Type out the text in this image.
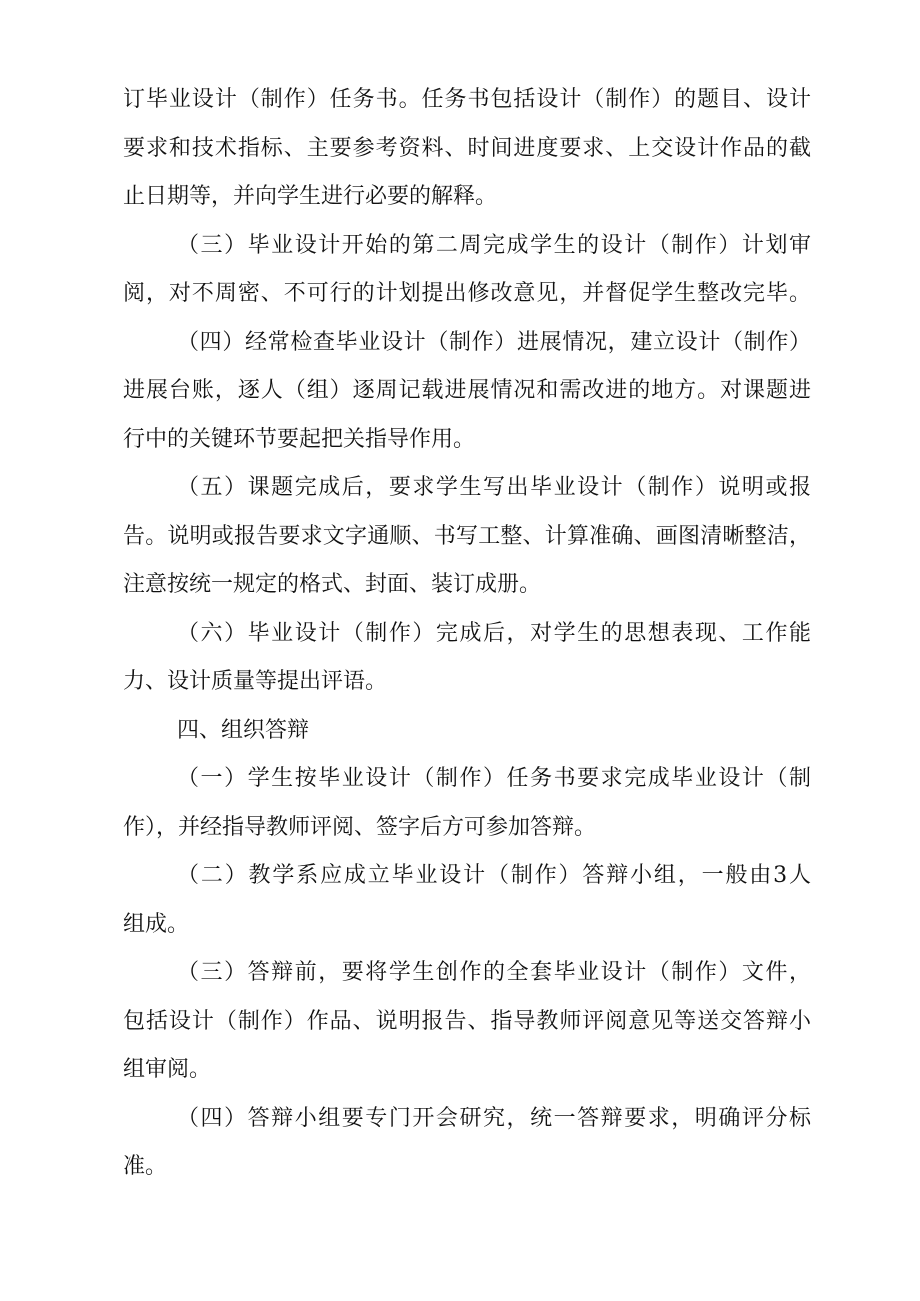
订毕业设计（制作）任务书。任务书包括设计（制作）的题目、设计
要求和技术指标、主要参考资料、时间进度要求、上交设计作品的截
止日期等，并向学生进行必要的解释。
（三）毕业设计开始的第二周完成学生的设计（制作）计划审
阅，对不周密、不可行的计划提出修改意见，并督促学生整改完毕。
（四）经常检查毕业设计（制作）进展情况，建立设计（制作）
进展台账，逐人（组）逐周记载进展情况和需改进的地方。对课题进
行中的关键环节要起把关指导作用。
（五）课题完成后，要求学生写出毕业设计（制作）说明或报
告。说明或报告要求文字通顺、书写工整、计算准确、画图清晰整洁，
注意按统一规定的格式、封面、装订成册。
（六）毕业设计（制作）完成后，对学生的思想表现、工作能
力、设计质量等提出评语。
四、组织答辩
（一）学生按毕业设计（制作）任务书要求完成毕业设计（制
作），并经指导教师评阅、签字后方可参加答辩。
（二）教学系应成立毕业设计（制作）答辩小组，一般由3人
组成。
（三）答辩前，要将学生创作的全套毕业设计（制作）文件，
包括设计（制作）作品、说明报告、指导教师评阅意见等送交答辩小
组审阅。
（四）答辩小组要专门开会研究，统一答辩要求，明确评分标
准。
